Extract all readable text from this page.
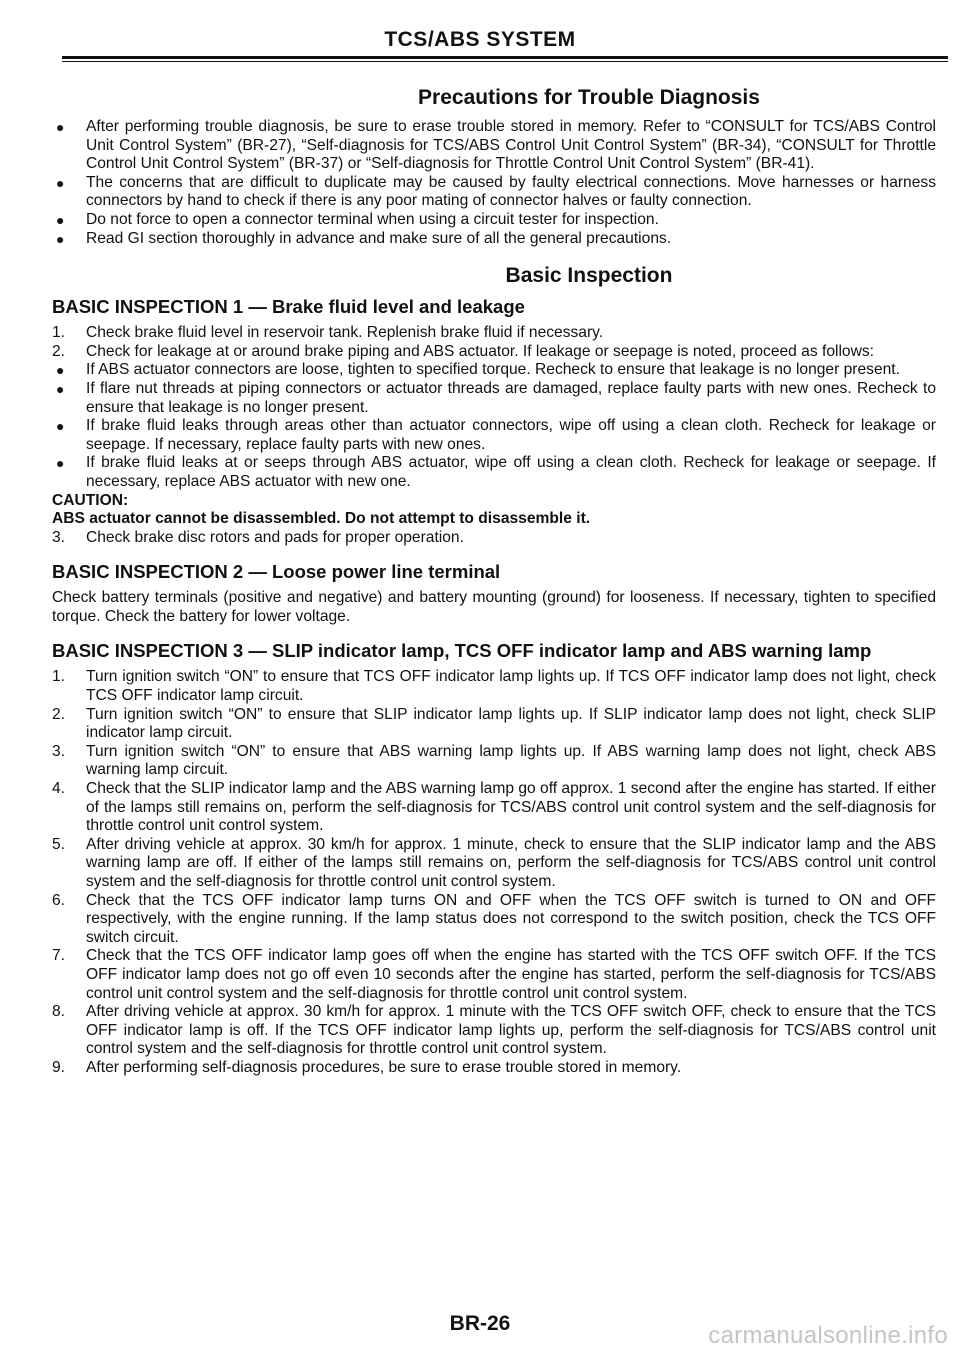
TCS/ABS SYSTEM
Precautions for Trouble Diagnosis
●	After performing trouble diagnosis, be sure to erase trouble stored in memory. Refer to “CONSULT for TCS/ABS Control Unit Control System” (BR-27), “Self-diagnosis for TCS/ABS Control Unit Control System” (BR-34), “CONSULT for Throttle Control Unit Control System” (BR-37) or “Self-diagnosis for Throttle Control Unit Control System” (BR-41).
●	The concerns that are difficult to duplicate may be caused by faulty electrical connections. Move harnesses or harness connectors by hand to check if there is any poor mating of connector halves or faulty connection.
●	Do not force to open a connector terminal when using a circuit tester for inspection.
●	Read GI section thoroughly in advance and make sure of all the general precautions.
Basic Inspection
BASIC INSPECTION 1 — Brake fluid level and leakage
1.	Check brake fluid level in reservoir tank. Replenish brake fluid if necessary.
2.	Check for leakage at or around brake piping and ABS actuator. If leakage or seepage is noted, proceed as follows:
●	If ABS actuator connectors are loose, tighten to specified torque. Recheck to ensure that leakage is no longer present.
●	If flare nut threads at piping connectors or actuator threads are damaged, replace faulty parts with new ones. Recheck to ensure that leakage is no longer present.
●	If brake fluid leaks through areas other than actuator connectors, wipe off using a clean cloth. Recheck for leakage or seepage. If necessary, replace faulty parts with new ones.
●	If brake fluid leaks at or seeps through ABS actuator, wipe off using a clean cloth. Recheck for leakage or seepage. If necessary, replace ABS actuator with new one.

CAUTION:

ABS actuator cannot be disassembled. Do not attempt to disassemble it.

3.	Check brake disc rotors and pads for proper operation.
BASIC INSPECTION 2 — Loose power line terminal

Check battery terminals (positive and negative) and battery mounting (ground) for looseness. If necessary, tighten to specified torque. Check the battery for lower voltage.

BASIC INSPECTION 3 — SLIP indicator lamp, TCS OFF indicator lamp and ABS warning lamp
1.	Turn ignition switch “ON” to ensure that TCS OFF indicator lamp lights up. If TCS OFF indicator lamp does not light, check TCS OFF indicator lamp circuit.
2.	Turn ignition switch “ON” to ensure that SLIP indicator lamp lights up. If SLIP indicator lamp does not light, check SLIP indicator lamp circuit.
3.	Turn ignition switch “ON” to ensure that ABS warning lamp lights up. If ABS warning lamp does not light, check ABS warning lamp circuit.
4.	Check that the SLIP indicator lamp and the ABS warning lamp go off approx. 1 second after the engine has started. If either of the lamps still remains on, perform the self-diagnosis for TCS/ABS control unit control system and the self-diagnosis for throttle control unit control system.
5.	After driving vehicle at approx. 30 km/h for approx. 1 minute, check to ensure that the SLIP indicator lamp and the ABS warning lamp are off. If either of the lamps still remains on, perform the self-diagnosis for TCS/ABS control unit control system and the self-diagnosis for throttle control unit control system.
6.	Check that the TCS OFF indicator lamp turns ON and OFF when the TCS OFF switch is turned to ON and OFF respectively, with the engine running. If the lamp status does not correspond to the switch position, check the TCS OFF switch circuit.
7.	Check that the TCS OFF indicator lamp goes off when the engine has started with the TCS OFF switch OFF. If the TCS OFF indicator lamp does not go off even 10 seconds after the engine has started, perform the self-diagnosis for TCS/ABS control unit control system and the self-diagnosis for throttle control unit control system.
8.	After driving vehicle at approx. 30 km/h for approx. 1 minute with the TCS OFF switch OFF, check to ensure that the TCS OFF indicator lamp is off. If the TCS OFF indicator lamp lights up, perform the self-diagnosis for TCS/ABS control unit control system and the self-diagnosis for throttle control unit control system.
9.	After performing self-diagnosis procedures, be sure to erase trouble stored in memory.
BR-26	carmanualsonline.info
